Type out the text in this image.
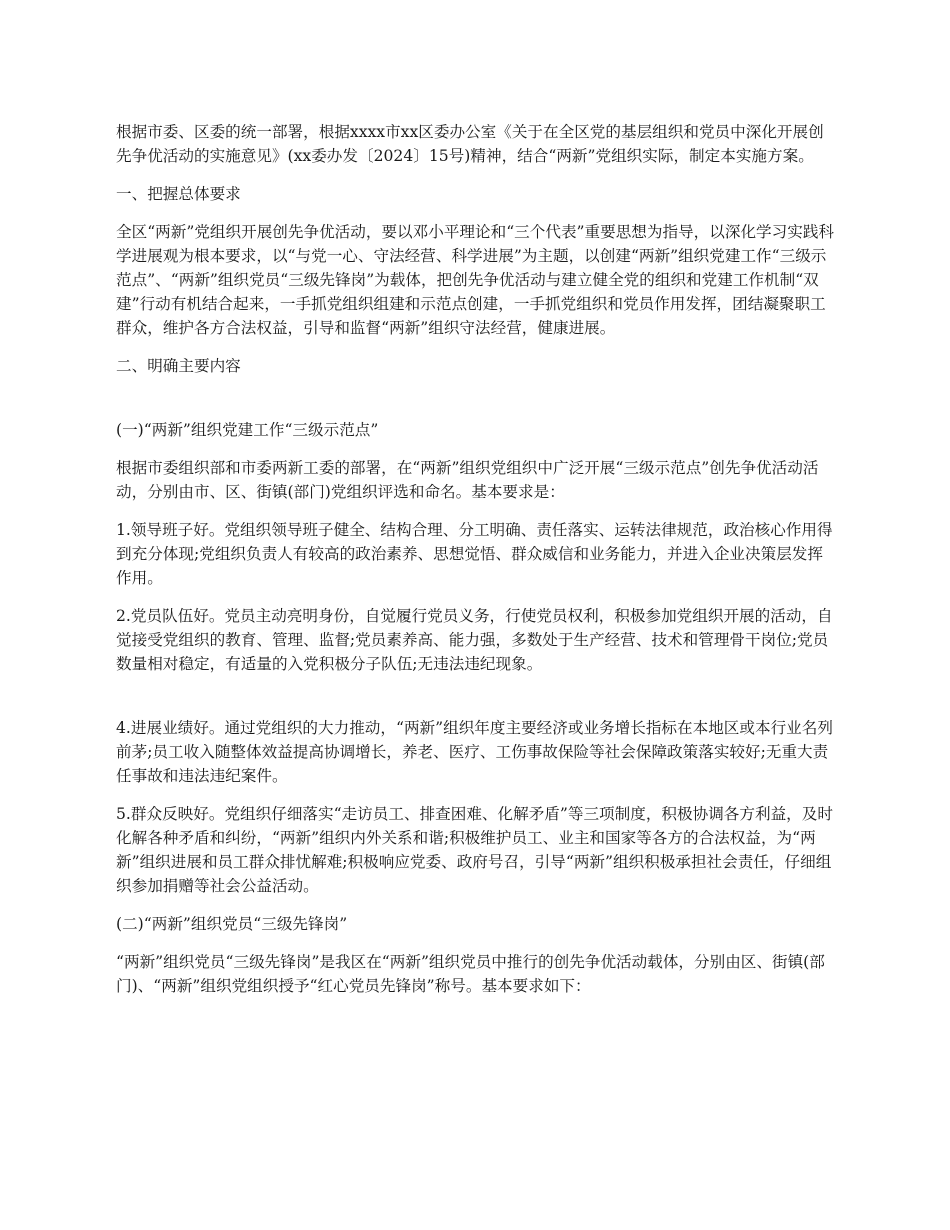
根据市委、区委的统一部署，根据xxxx市xx区委办公室《关于在全区党的基层组织和党员中深化开展创先争优活动的实施意见》(xx委办发〔2024〕15号)精神，结合“两新”党组织实际，制定本实施方案。

一、把握总体要求

全区“两新”党组织开展创先争优活动，要以邓小平理论和“三个代表”重要思想为指导，以深化学习实践科学进展观为根本要求，以“与党一心、守法经营、科学进展”为主题，以创建“两新”组织党建工作“三级示范点”、“两新”组织党员“三级先锋岗”为载体，把创先争优活动与建立健全党的组织和党建工作机制“双建”行动有机结合起来，一手抓党组织组建和示范点创建，一手抓党组织和党员作用发挥，团结凝聚职工群众，维护各方合法权益，引导和监督“两新”组织守法经营，健康进展。

二、明确主要内容

(一)“两新”组织党建工作“三级示范点”

根据市委组织部和市委两新工委的部署，在“两新”组织党组织中广泛开展“三级示范点”创先争优活动活动，分别由市、区、街镇(部门)党组织评选和命名。基本要求是：

1.领导班子好。党组织领导班子健全、结构合理、分工明确、责任落实、运转法律规范，政治核心作用得到充分体现;党组织负责人有较高的政治素养、思想觉悟、群众威信和业务能力，并进入企业决策层发挥作用。

2.党员队伍好。党员主动亮明身份，自觉履行党员义务，行使党员权利，积极参加党组织开展的活动，自觉接受党组织的教育、管理、监督;党员素养高、能力强，多数处于生产经营、技术和管理骨干岗位;党员数量相对稳定，有适量的入党积极分子队伍;无违法违纪现象。

4.进展业绩好。通过党组织的大力推动，“两新”组织年度主要经济或业务增长指标在本地区或本行业名列前茅;员工收入随整体效益提高协调增长，养老、医疗、工伤事故保险等社会保障政策落实较好;无重大责任事故和违法违纪案件。

5.群众反映好。党组织仔细落实“走访员工、排查困难、化解矛盾”等三项制度，积极协调各方利益，及时化解各种矛盾和纠纷，“两新”组织内外关系和谐;积极维护员工、业主和国家等各方的合法权益，为“两新”组织进展和员工群众排忧解难;积极响应党委、政府号召，引导“两新”组织积极承担社会责任，仔细组织参加捐赠等社会公益活动。

(二)“两新”组织党员“三级先锋岗”

“两新”组织党员“三级先锋岗”是我区在“两新”组织党员中推行的创先争优活动载体，分别由区、街镇(部门)、“两新”组织党组织授予“红心党员先锋岗”称号。基本要求如下：
